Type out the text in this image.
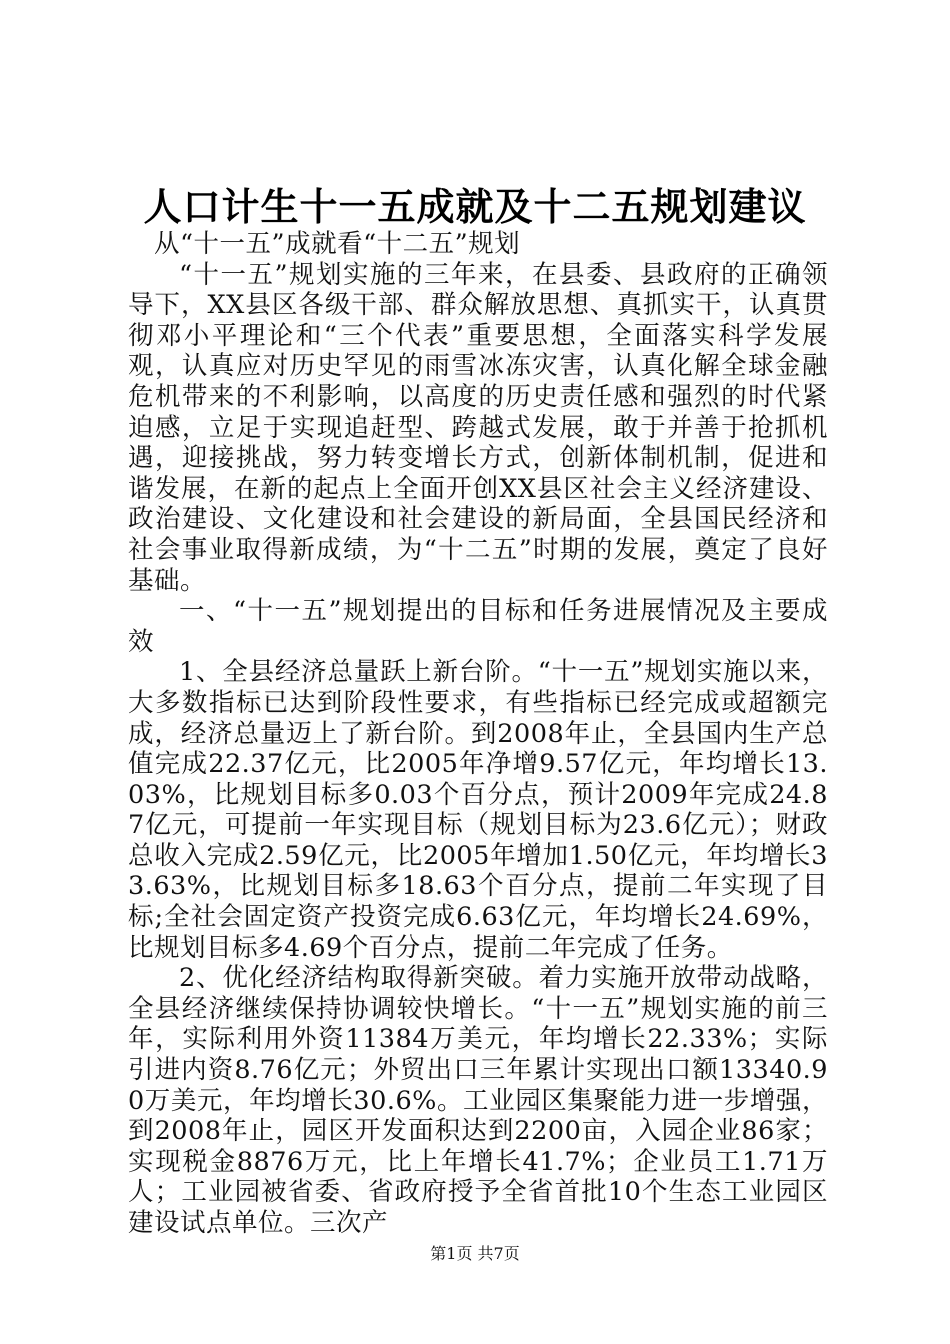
人口计生十一五成就及十二五规划建议

从“十一五”成就看“十二五”规划

“十一五”规划实施的三年来，在县委、县政府的正确领导下，XX县区各级干部、群众解放思想、真抓实干，认真贯彻邓小平理论和“三个代表”重要思想，全面落实科学发展观，认真应对历史罕见的雨雪冰冻灾害，认真化解全球金融危机带来的不利影响，以高度的历史责任感和强烈的时代紧迫感，立足于实现追赶型、跨越式发展，敢于并善于抢抓机遇，迎接挑战，努力转变增长方式，创新体制机制，促进和谐发展，在新的起点上全面开创XX县区社会主义经济建设、政治建设、文化建设和社会建设的新局面，全县国民经济和社会事业取得新成绩，为“十二五”时期的发展，奠定了良好基础。

一、“十一五”规划提出的目标和任务进展情况及主要成效

1、全县经济总量跃上新台阶。“十一五”规划实施以来，大多数指标已达到阶段性要求，有些指标已经完成或超额完成，经济总量迈上了新台阶。到2008年止，全县国内生产总值完成22.37亿元，比2005年净增9.57亿元，年均增长13.03%，比规划目标多0.03个百分点，预计2009年完成24.87亿元，可提前一年实现目标（规划目标为23.6亿元）；财政总收入完成2.59亿元，比2005年增加1.50亿元，年均增长33.63%，比规划目标多18.63个百分点，提前二年实现了目标;全社会固定资产投资完成6.63亿元，年均增长24.69%，比规划目标多4.69个百分点，提前二年完成了任务。

2、优化经济结构取得新突破。着力实施开放带动战略，全县经济继续保持协调较快增长。“十一五”规划实施的前三年，实际利用外资11384万美元，年均增长22.33%；实际引进内资8.76亿元；外贸出口三年累计实现出口额13340.90万美元，年均增长30.6%。工业园区集聚能力进一步增强，到2008年止，园区开发面积达到2200亩，入园企业86家；实现税金8876万元，比上年增长41.7%；企业员工1.71万人；工业园被省委、省政府授予全省首批10个生态工业园区建设试点单位。三次产

第1页 共7页
